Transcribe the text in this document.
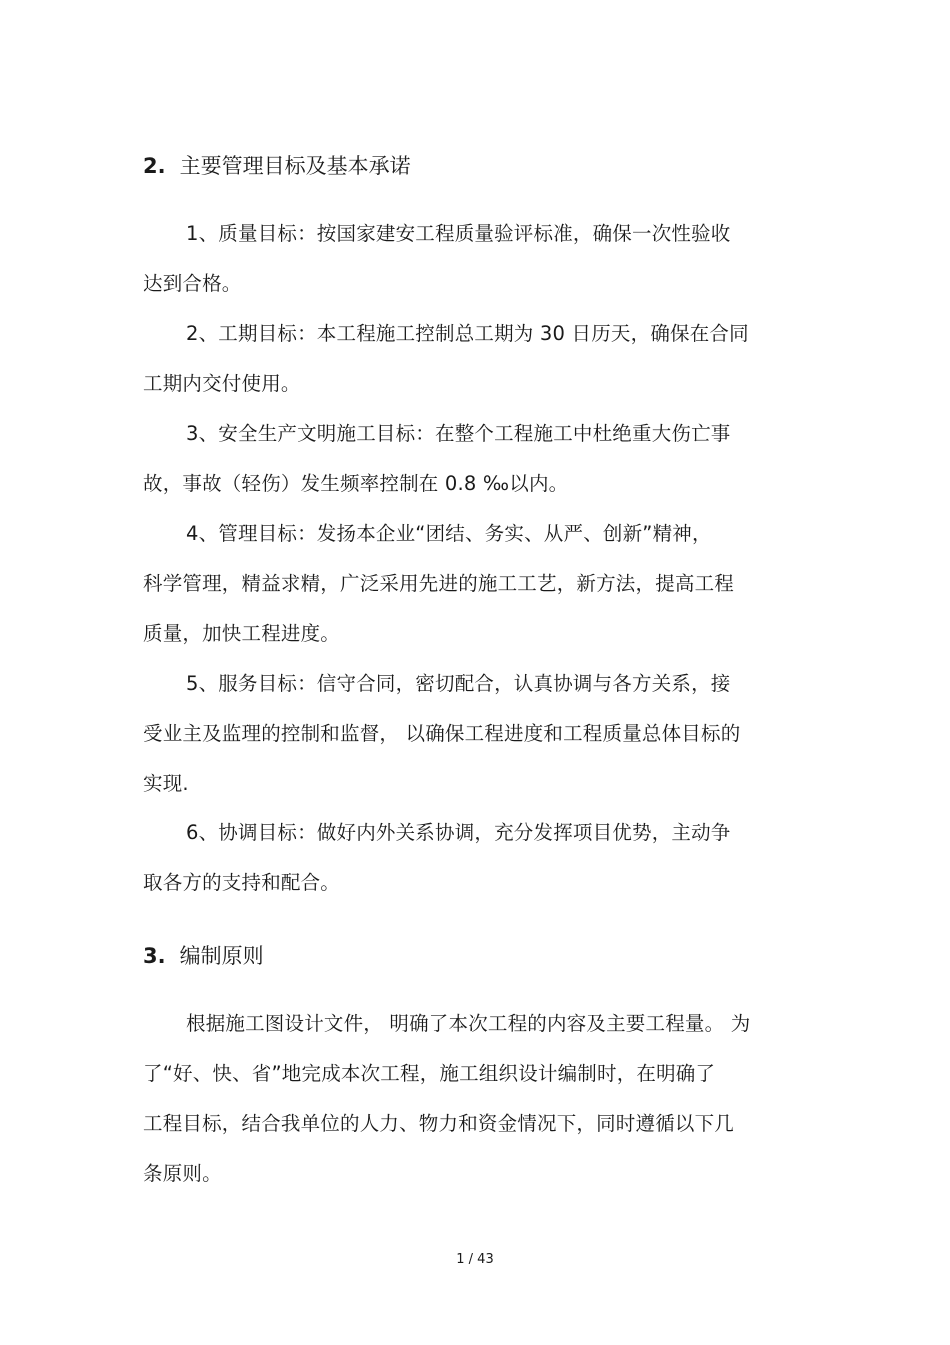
2. 主要管理目标及基本承诺
1、质量目标：按国家建安工程质量验评标准，确保一次性验收
达到合格。
2、工期目标：本工程施工控制总工期为 30 日历天，确保在合同
工期内交付使用。
3、安全生产文明施工目标：在整个工程施工中杜绝重大伤亡事
故，事故（轻伤）发生频率控制在 0.8 ‰以内。
4、管理目标：发扬本企业“团结、务实、从严、创新”精神，
科学管理，精益求精，广泛采用先进的施工工艺，新方法，提高工程
质量，加快工程进度。
5、服务目标：信守合同，密切配合，认真协调与各方关系，接
受业主及监理的控制和监督， 以确保工程进度和工程质量总体目标的
实现.
6、协调目标：做好内外关系协调，充分发挥项目优势，主动争
取各方的支持和配合。
3. 编制原则
根据施工图设计文件， 明确了本次工程的内容及主要工程量。 为
了“好、快、省”地完成本次工程，施工组织设计编制时，在明确了
工程目标，结合我单位的人力、物力和资金情况下，同时遵循以下几
条原则。
1 / 43
